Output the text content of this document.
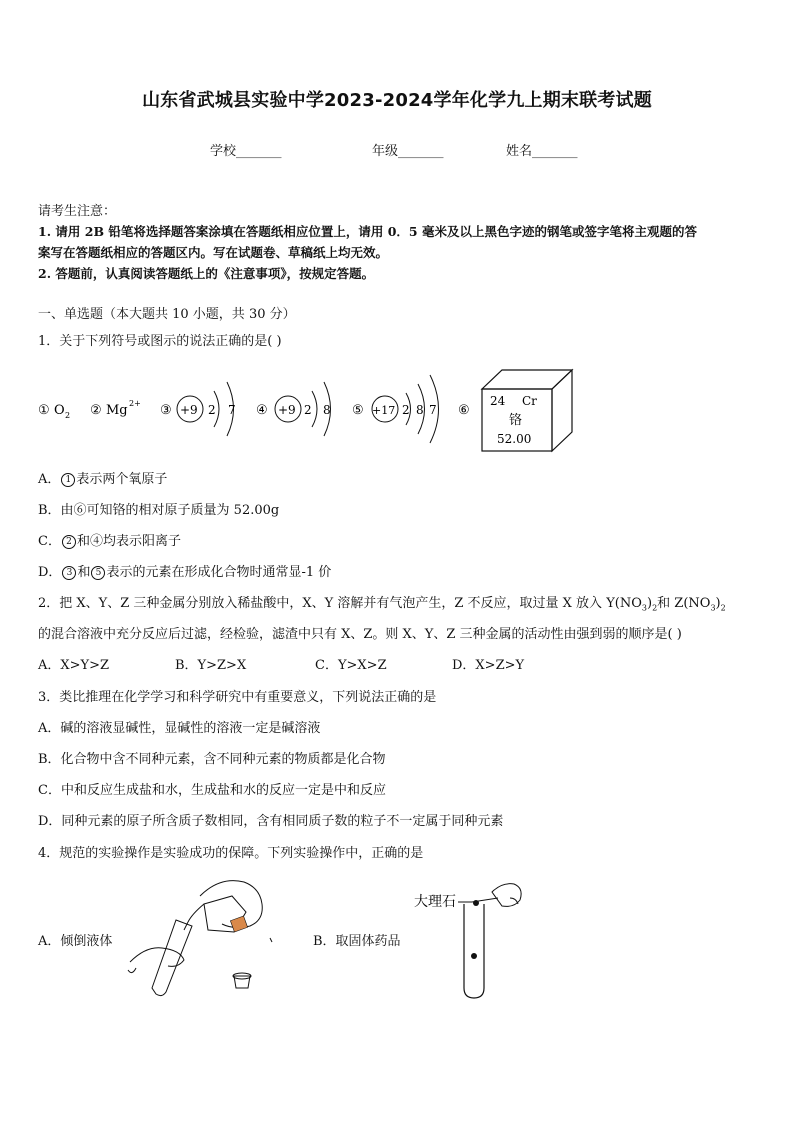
山东省武城县实验中学2023-2024学年化学九上期末联考试题
学校_______	年级_______	姓名_______
请考生注意：
1. 请用 2B 铅笔将选择题答案涂填在答题纸相应位置上，请用 0．5 毫米及以上黑色字迹的钢笔或签字笔将主观题的答
案写在答题纸相应的答题区内。写在试题卷、草稿纸上均无效。
2. 答题前，认真阅读答题纸上的《注意事项》，按规定答题。
一、单选题（本大题共 10 小题，共 30 分）
1．关于下列符号或图示的说法正确的是( )
① O 2 ② Mg 2+ ③ +9 2 7 ④ +9 2 8 ⑤ +17 2 8 7 ⑥
24 Cr
铬
52.00
A． 1 表示两个氧原子
B．由⑥可知铬的相对原子质量为 52.00g
C． 2 和④均表示阳离子
D． 3 和 5 表示的元素在形成化合物时通常显-1 价
2．把 X、Y、Z 三种金属分别放入稀盐酸中，X、Y 溶解并有气泡产生，Z 不反应，取过量 X 放入 $Y(NO_3)_2$和 $Z(NO_3)_2$
的混合溶液中充分反应后过滤，经检验，滤渣中只有 X、Z。则 X、Y、Z 三种金属的活动性由强到弱的顺序是( )
A．X>Y>Z	B．Y>Z>X	C．Y>X>Z	D．X>Z>Y
3．类比推理在化学学习和科学研究中有重要意义，下列说法正确的是
A．碱的溶液显碱性，显碱性的溶液一定是碱溶液
B．化合物中含不同种元素，含不同种元素的物质都是化合物
C．中和反应生成盐和水，生成盐和水的反应一定是中和反应
D．同种元素的原子所含质子数相同，含有相同质子数的粒子不一定属于同种元素
4．规范的实验操作是实验成功的保障。下列实验操作中，正确的是
A．倾倒液体	B．取固体药品
大理石
